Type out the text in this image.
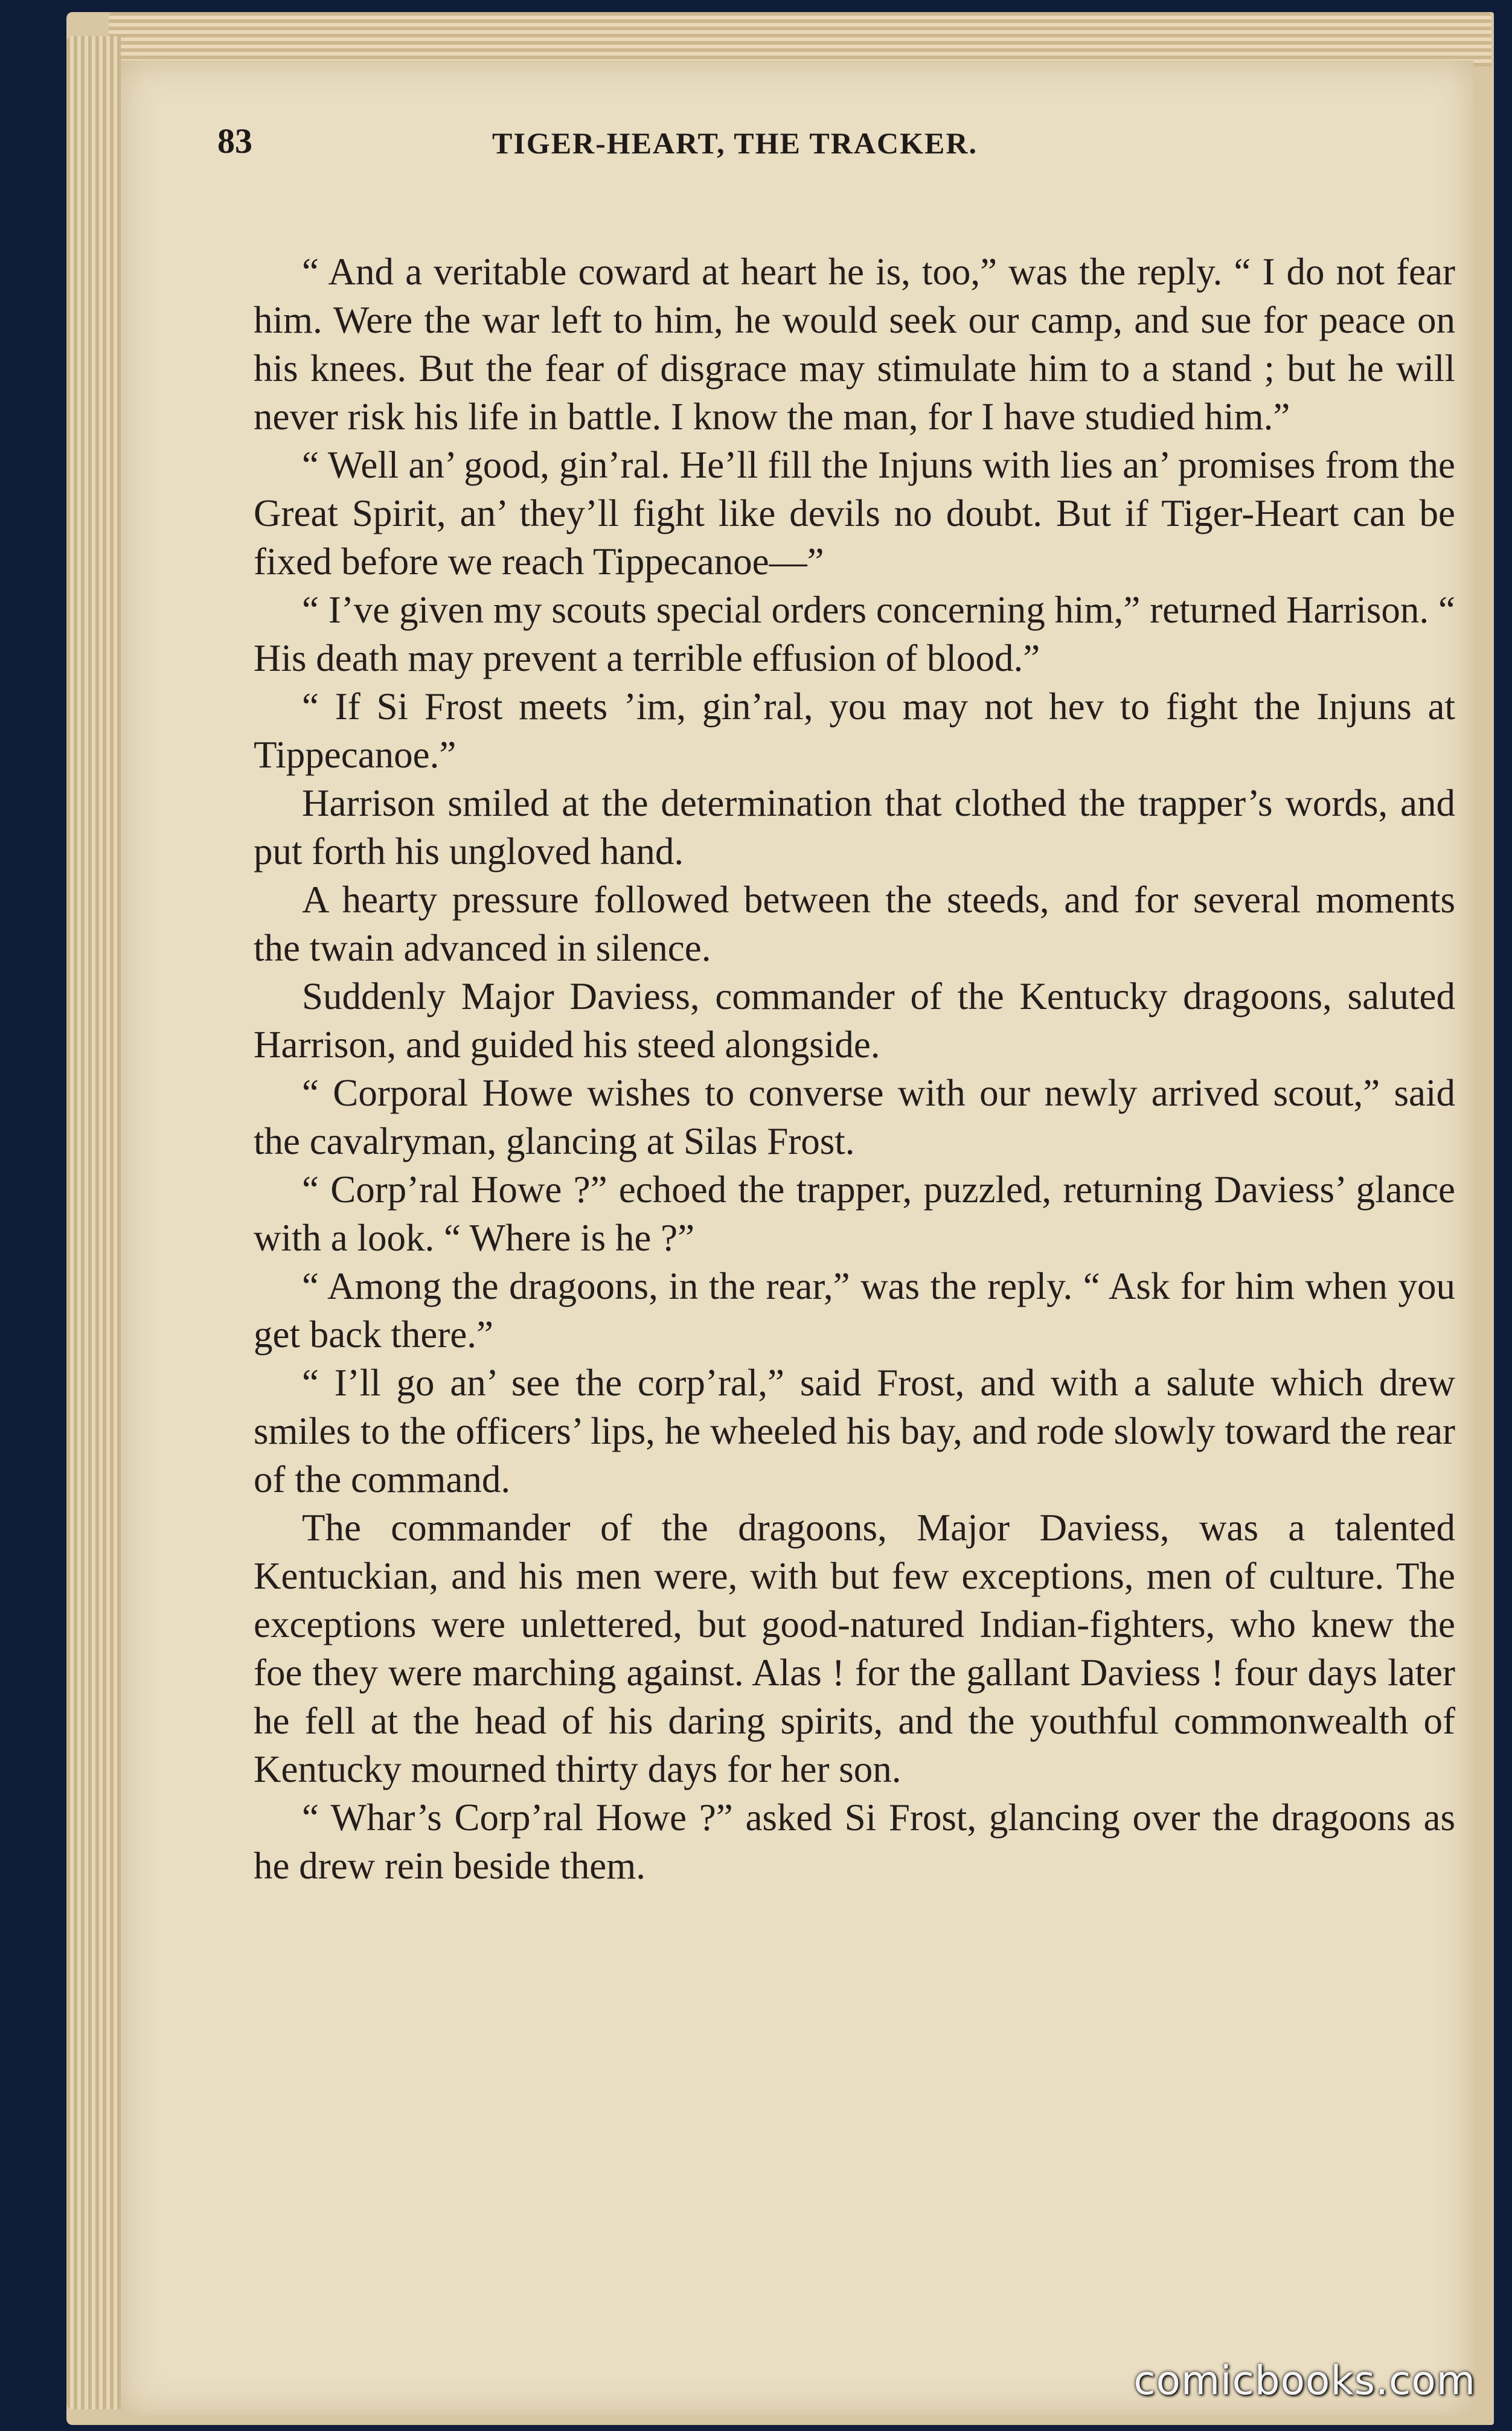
83	TIGER-HEART, THE TRACKER.

“ And a veritable coward at heart he is, too,” was the reply. “ I do not fear him. Were the war left to him, he would seek our camp, and sue for peace on his knees. But the fear of disgrace may stimulate him to a stand ; but he will never risk his life in battle. I know the man, for I have studied him.”

“ Well an’ good, gin’ral. He’ll fill the Injuns with lies an’ promises from the Great Spirit, an’ they’ll fight like devils no doubt. But if Tiger-Heart can be fixed before we reach Tippecanoe—”

“ I’ve given my scouts special orders concerning him,” returned Harrison. “ His death may prevent a terrible effusion of blood.”

“ If Si Frost meets ’im, gin’ral, you may not hev to fight the Injuns at Tippecanoe.”

Harrison smiled at the determination that clothed the trapper’s words, and put forth his ungloved hand.

A hearty pressure followed between the steeds, and for several moments the twain advanced in silence.

Suddenly Major Daviess, commander of the Kentucky dragoons, saluted Harrison, and guided his steed alongside.

“ Corporal Howe wishes to converse with our newly arrived scout,” said the cavalryman, glancing at Silas Frost.

“ Corp’ral Howe ?” echoed the trapper, puzzled, returning Daviess’ glance with a look. “ Where is he ?”

“ Among the dragoons, in the rear,” was the reply. “ Ask for him when you get back there.”

“ I’ll go an’ see the corp’ral,” said Frost, and with a salute which drew smiles to the officers’ lips, he wheeled his bay, and rode slowly toward the rear of the command.

The commander of the dragoons, Major Daviess, was a talented Kentuckian, and his men were, with but few exceptions, men of culture. The exceptions were unlettered, but good-natured Indian-fighters, who knew the foe they were marching against. Alas ! for the gallant Daviess ! four days later he fell at the head of his daring spirits, and the youthful commonwealth of Kentucky mourned thirty days for her son.

“ Whar’s Corp’ral Howe ?” asked Si Frost, glancing over the dragoons as he drew rein beside them.

comicbooks.com
